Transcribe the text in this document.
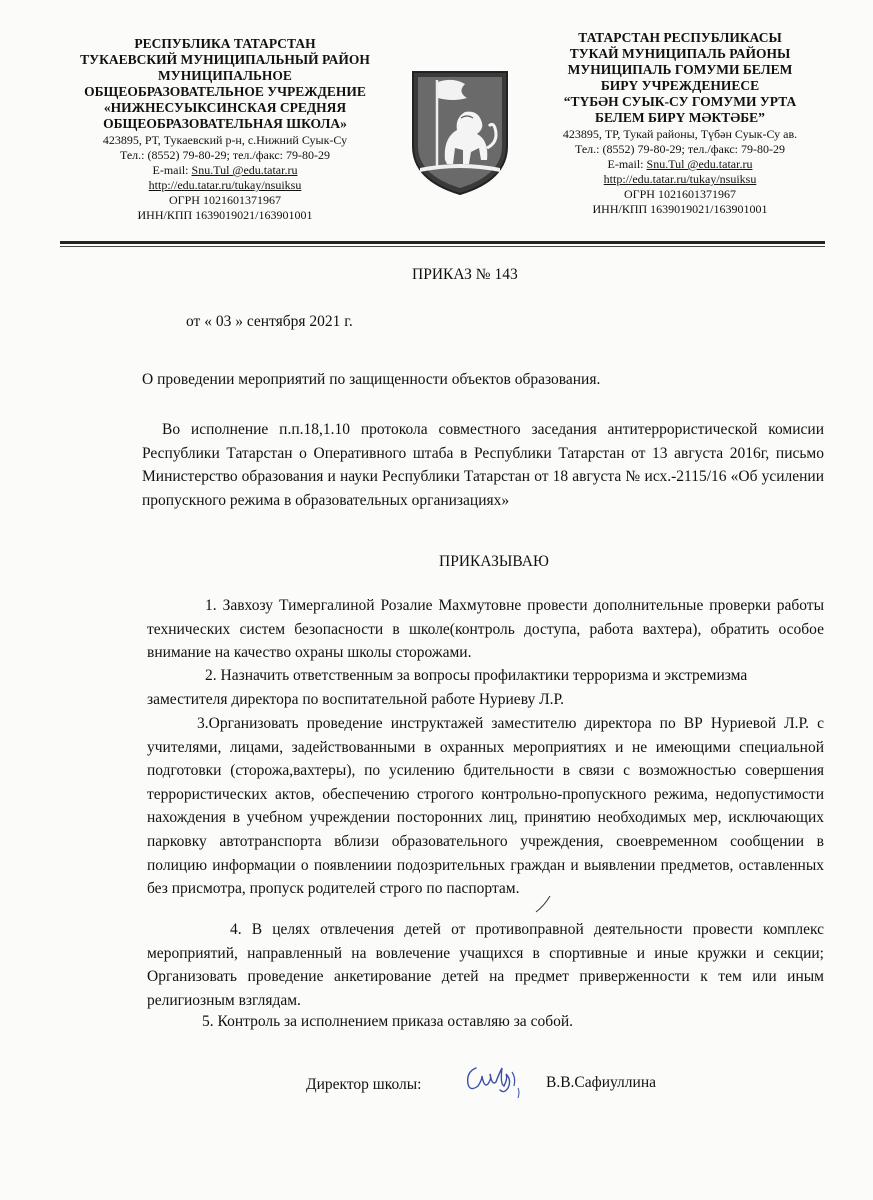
РЕСПУБЛИКА ТАТАРСТАН
ТУКАЕВСКИЙ МУНИЦИПАЛЬНЫЙ РАЙОН
МУНИЦИПАЛЬНОЕ
ОБЩЕОБРАЗОВАТЕЛЬНОЕ УЧРЕЖДЕНИЕ
«НИЖНЕСУЫКСИНСКАЯ СРЕДНЯЯ
ОБЩЕОБРАЗОВАТЕЛЬНАЯ ШКОЛА»
423895, РТ, Тукаевский р-н, с.Нижний Суык-Су
Тел.: (8552) 79-80-29; тел./факс: 79-80-29
E-mail: Snu.Tul @edu.tatar.ru
http://edu.tatar.ru/tukay/nsuiksu
ОГРН 1021601371967
ИНН/КПП 1639019021/163901001
ТАТАРСТАН РЕСПУБЛИКАСЫ
ТУКАЙ МУНИЦИПАЛЬ РАЙОНЫ
МУНИЦИПАЛЬ ГОМУМИ БЕЛЕМ
БИРҮ УЧРЕЖДЕНИЕСЕ
“ТҮБӘН СУЫК-СУ ГОМУМИ УРТА
БЕЛЕМ БИРҮ МӘКТӘБЕ”
423895, ТР, Тукай районы, Түбән Суык-Су ав.
Тел.: (8552) 79-80-29; тел./факс: 79-80-29
E-mail: Snu.Tul @edu.tatar.ru
http://edu.tatar.ru/tukay/nsuiksu
ОГРН 1021601371967
ИНН/КПП 1639019021/163901001
ПРИКАЗ № 143
от « 03 » сентября 2021 г.
О проведении мероприятий по защищенности объектов образования.
Во исполнение п.п.18,1.10 протокола совместного заседания антитеррористической комисии Республики Татарстан о Оперативного штаба в Республики Татарстан от 13 августа 2016г, письмо Министерство образования и науки Республики Татарстан от 18 августа № исх.-2115/16 «Об усилении пропускного режима в образовательных организациях»
ПРИКАЗЫВАЮ
1. Завхозу Тимергалиной Розалие Махмутовне провести дополнительные проверки работы технических систем безопасности в школе(контроль доступа, работа вахтера), обратить особое внимание на качество охраны школы сторожами.
2. Назначить ответственным за вопросы профилактики терроризма и экстремизма заместителя директора по воспитательной работе Нуриеву Л.Р.
3.Организовать проведение инструктажей заместителю директора по ВР Нуриевой Л.Р. с учителями, лицами, задействованными в охранных мероприятиях и не имеющими специальной подготовки (сторожа,вахтеры), по усилению бдительности в связи с возможностью совершения террористических актов, обеспечению строгого контрольно-пропускного режима, недопустимости нахождения в учебном учреждении посторонних лиц, принятию необходимых мер, исключающих парковку автотранспорта вблизи образовательного учреждения, своевременном сообщении в полицию информации о появлениии подозрительных граждан и выявлении предметов, оставленных без присмотра, пропуск родителей строго по паспортам.
4. В целях отвлечения детей от противоправной деятельности провести комплекс мероприятий, направленный на вовлечение учащихся в спортивные и иные кружки и секции; Организовать проведение анкетирование детей на предмет приверженности к тем или иным религиозным взглядам.
5. Контроль за исполнением приказа оставляю за собой.
Директор школы:	В.В.Сафиуллина
